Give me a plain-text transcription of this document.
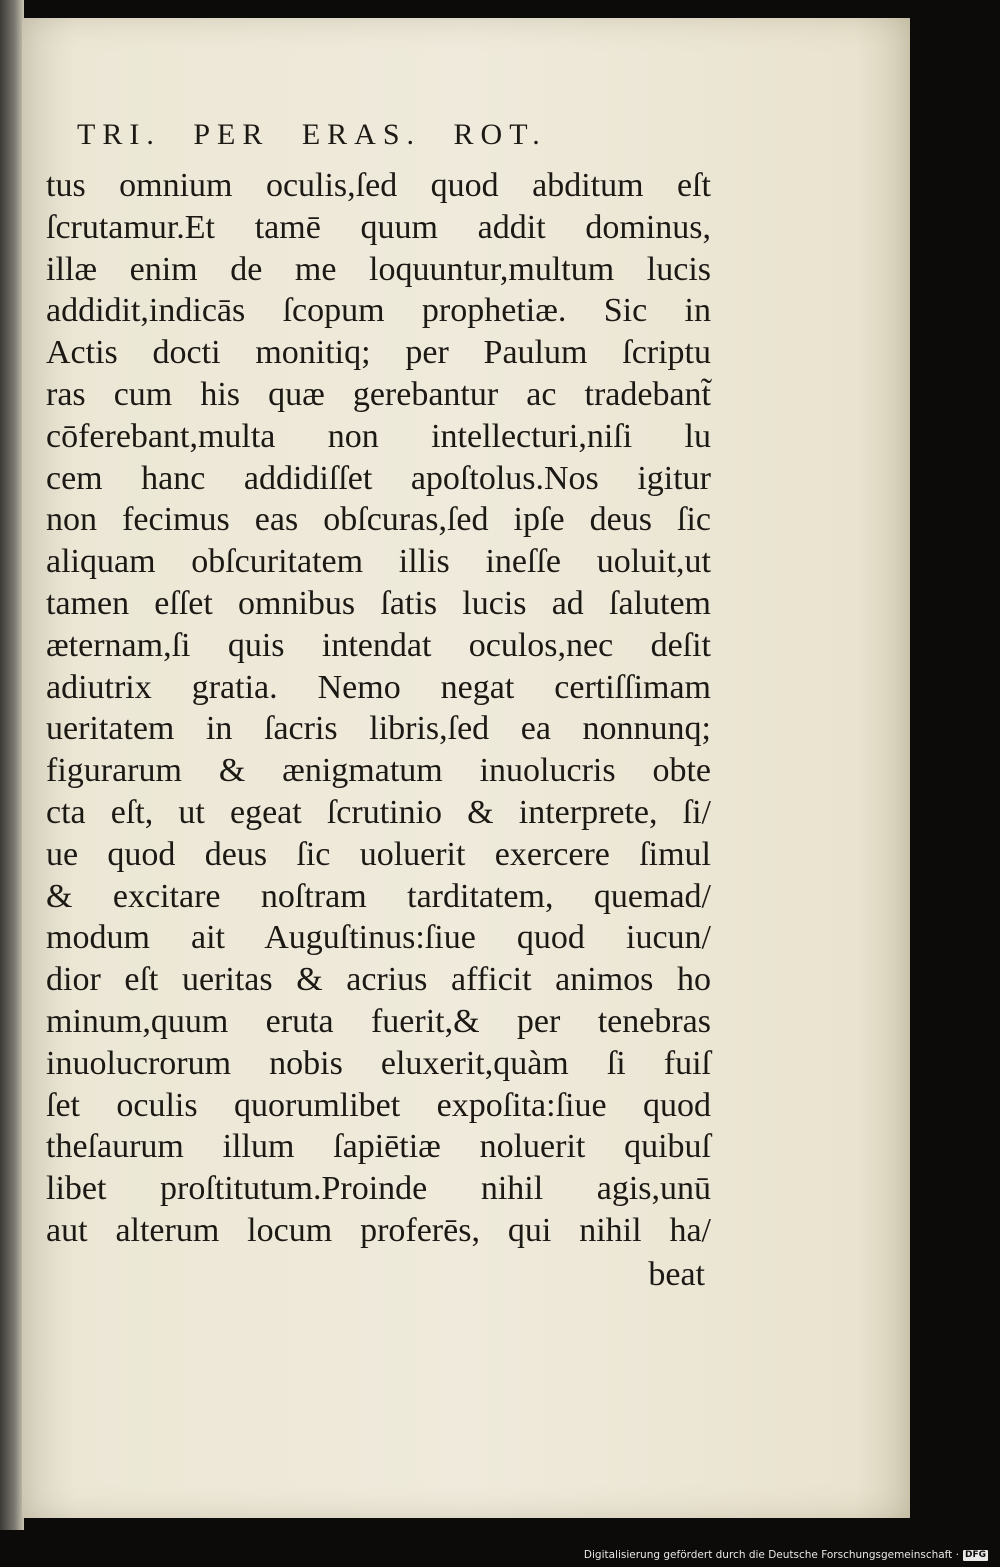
TRI. PER ERAS. ROT.
tus omnium oculis,ſed quod abditum eſt
ſcrutamur.Et tamē quum addit dominus,
illæ enim de me loquuntur,multum lucis
addidit,indicās ſcopum prophetiæ. Sic in
Actis docti monitiq; per Paulum ſcriptu
ras cum his quæ gerebantur ac tradebant̃
cōferebant,multa non intellecturi,niſi lu
cem hanc addidiſſet apoſtolus.Nos igitur
non fecimus eas obſcuras,ſed ipſe deus ſic
aliquam obſcuritatem illis ineſſe uoluit,ut
tamen eſſet omnibus ſatis lucis ad ſalutem
æternam,ſi quis intendat oculos,nec deſit
adiutrix gratia. Nemo negat certiſſimam
ueritatem in ſacris libris,ſed ea nonnunq;
figurarum & ænigmatum inuolucris obte
cta eſt, ut egeat ſcrutinio & interprete, ſi/
ue quod deus ſic uoluerit exercere ſimul
& excitare noſtram tarditatem, quemad/
modum ait Auguſtinus:ſiue quod iucun/
dior eſt ueritas & acrius afficit animos ho
minum,quum eruta fuerit,& per tenebras
inuolucrorum nobis eluxerit,quàm ſi fuiſ
ſet oculis quorumlibet expoſita:ſiue quod
theſaurum illum ſapiētiæ noluerit quibuſ
libet proſtitutum.Proinde nihil agis,unū
aut alterum locum proferēs, qui nihil ha/
beat
Digitalisierung gefördert durch die Deutsche Forschungsgemeinschaft · DFG
